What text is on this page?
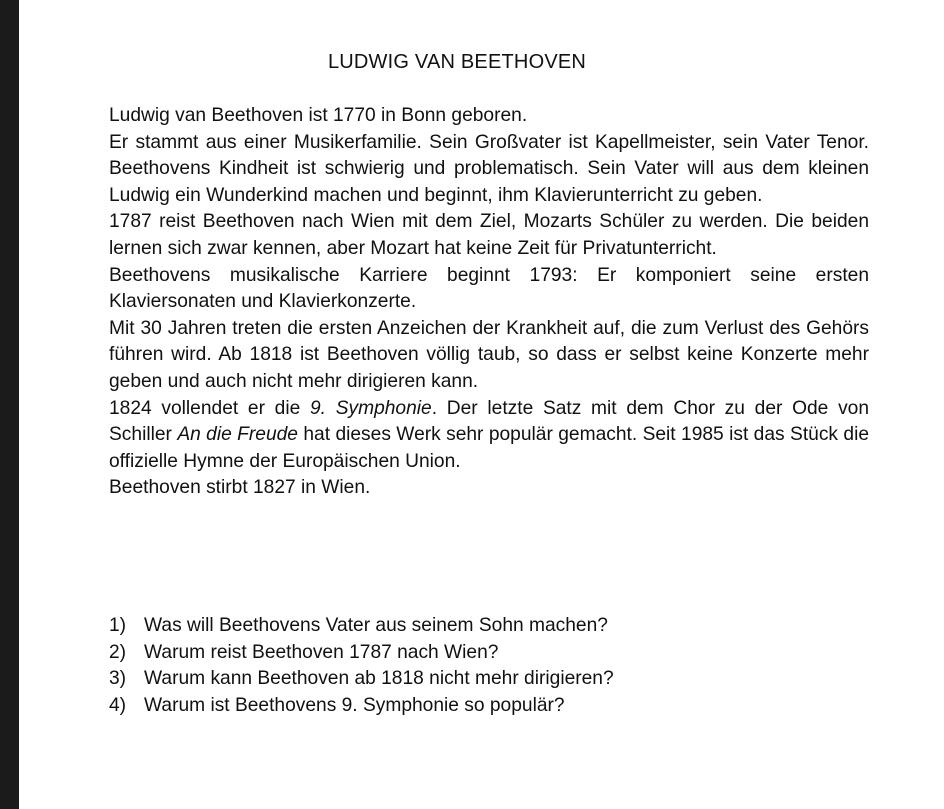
LUDWIG VAN BEETHOVEN

Ludwig van Beethoven ist 1770 in Bonn geboren.

Er stammt aus einer Musikerfamilie. Sein Großvater ist Kapellmeister, sein Vater Tenor. Beethovens Kindheit ist schwierig und problematisch. Sein Vater will aus dem kleinen Ludwig ein Wunderkind machen und beginnt, ihm Klavierunterricht zu geben.

1787 reist Beethoven nach Wien mit dem Ziel, Mozarts Schüler zu werden. Die beiden lernen sich zwar kennen, aber Mozart hat keine Zeit für Privatunterricht.

Beethovens musikalische Karriere beginnt 1793: Er komponiert seine ersten Klaviersonaten und Klavierkonzerte.

Mit 30 Jahren treten die ersten Anzeichen der Krankheit auf, die zum Verlust des Gehörs führen wird. Ab 1818 ist Beethoven völlig taub, so dass er selbst keine Konzerte mehr geben und auch nicht mehr dirigieren kann.

1824 vollendet er die 9. Symphonie. Der letzte Satz mit dem Chor zu der Ode von Schiller An die Freude hat dieses Werk sehr populär gemacht. Seit 1985 ist das Stück die offizielle Hymne der Europäischen Union.

Beethoven stirbt 1827 in Wien.

1) Was will Beethovens Vater aus seinem Sohn machen?
2) Warum reist Beethoven 1787 nach Wien?
3) Warum kann Beethoven ab 1818 nicht mehr dirigieren?
4) Warum ist Beethovens 9. Symphonie so populär?
